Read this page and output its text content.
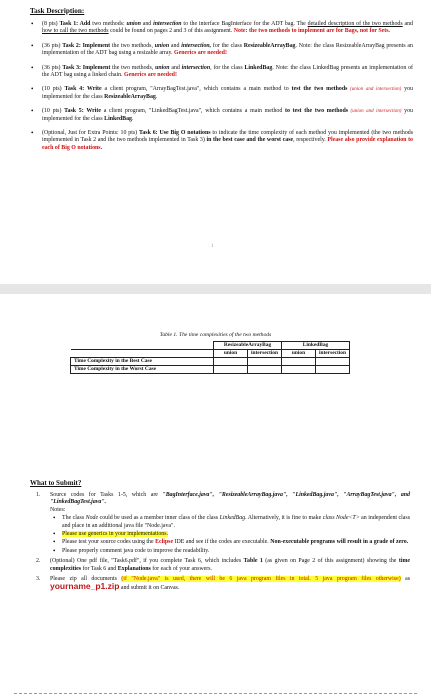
Task Description:

• (8 pts) Task 1: Add two methods: union and intersection to the interface BagInterface for the ADT bag. The detailed description of the two methods and how to call the two methods could be found on pages 2 and 3 of this assignment. Note: the two methods to implement are for Bags, not for Sets.
• (36 pts) Task 2: Implement the two methods, union and intersection, for the class ResizeableArrayBag. Note: the class ResizeableArrayBag presents an implementation of the ADT bag using a resizable array. Generics are needed!
• (36 pts) Task 3: Implement the two methods, union and intersection, for the class LinkedBag. Note: the class LinkedBag presents an implementation of the ADT bag using a linked chain. Generics are needed!
• (10 pts) Task 4: Write a client program, "ArrayBagTest.java", which contains a main method to test the two methods (union and intersection) you implemented for the class ResizeableArrayBag.
• (10 pts) Task 5: Write a client program, "LinkedBagTest.java", which contains a main method to test the two methods (union and intersection) you implemented for the class LinkedBag.
• (Optional, Just for Extra Points: 10 pts) Task 6: Use Big O notations to indicate the time complexity of each method you implemented (the two methods implemented in Task 2 and the two methods implemented in Task 3) in the best case and the worst case, respectively. Please also provide explanation to each of Big O notations.
1
Table 1. The time complexities of the two methods
	ResizeableArrayBag		LinkedBag	
	union	intersection	union	intersection
Time Complexity in the Best Case				
Time Complexity in the Worst Case				

What to Submit?

1. Source codes for Tasks 1-5, which are "BagInterface.java", "ResizeableArrayBag.java", "LinkedBag.java", "ArrayBagTest.java", and "LinkedBagTest.java".
Notes:
• The class Node could be used as a member inner class of the class LinkedBag. Alternatively, it is fine to make class Node<T> an independent class and place in an additional java file "Node.java".
• Please use generics in your implementations.
• Please test your source codes using the Eclipse IDE and see if the codes are executable. Non-executable programs will result in a grade of zero.
• Please properly comment java code to improve the readability.
2. (Optional) One pdf file, "Task6.pdf", if you complete Task 6, which includes Table 1 (as given on Page 2 of this assignment) showing the time complexities for Task 6 and Explanations for each of your answers.
3. Please zip all documents (if "Node.java" is used, there will be 6 java program files in total. 5 java program files otherwise) as yourname_p1.zip and submit it on Canvas.
